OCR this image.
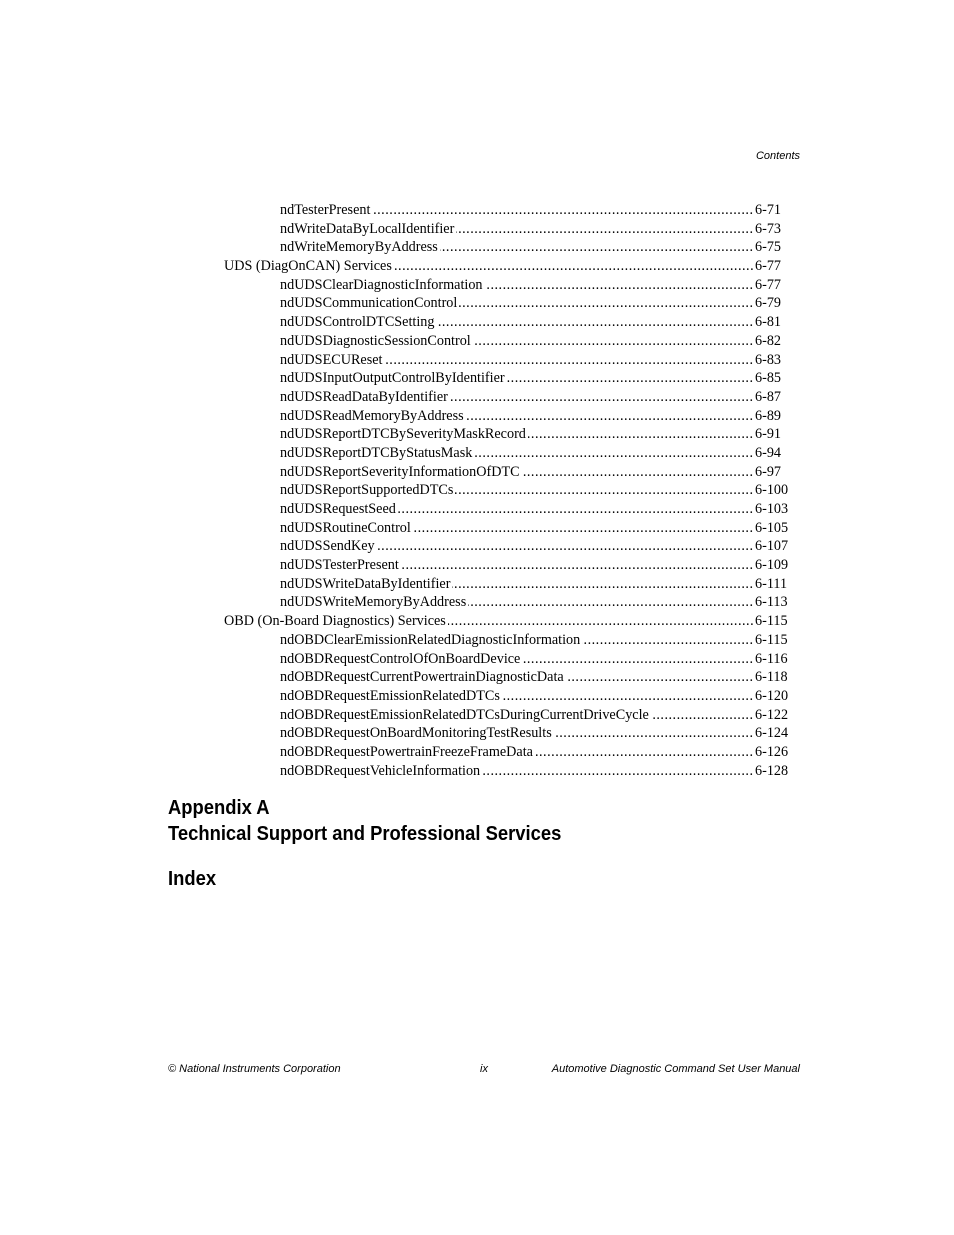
Contents
.....
ndTesterPresent	6-71
.....
ndWriteDataByLocalIdentifier	6-73
.....
ndWriteMemoryByAddress	6-75
.....
UDS (DiagOnCAN) Services	6-77
.....
ndUDSClearDiagnosticInformation	6-77
.....
ndUDSCommunicationControl	6-79
.....
ndUDSControlDTCSetting	6-81
.....
ndUDSDiagnosticSessionControl	6-82
.....
ndUDSECUReset	6-83
.....
ndUDSInputOutputControlByIdentifier	6-85
.....
ndUDSReadDataByIdentifier	6-87
.....
ndUDSReadMemoryByAddress	6-89
.....
ndUDSReportDTCBySeverityMaskRecord	6-91
.....
ndUDSReportDTCByStatusMask	6-94
.....
ndUDSReportSeverityInformationOfDTC	6-97
.....
ndUDSReportSupportedDTCs	6-100
.....
ndUDSRequestSeed	6-103
.....
ndUDSRoutineControl	6-105
.....
ndUDSSendKey	6-107
.....
ndUDSTesterPresent	6-109
.....
ndUDSWriteDataByIdentifier	6-111
.....
ndUDSWriteMemoryByAddress	6-113
.....
OBD (On-Board Diagnostics) Services	6-115
.....
ndOBDClearEmissionRelatedDiagnosticInformation	6-115
.....
ndOBDRequestControlOfOnBoardDevice	6-116
.....
ndOBDRequestCurrentPowertrainDiagnosticData	6-118
.....
ndOBDRequestEmissionRelatedDTCs	6-120
.....
ndOBDRequestEmissionRelatedDTCsDuringCurrentDriveCycle	6-122
.....
ndOBDRequestOnBoardMonitoringTestResults	6-124
.....
ndOBDRequestPowertrainFreezeFrameData	6-126
.....
ndOBDRequestVehicleInformation	6-128
Appendix A
Technical Support and Professional Services
Index
© National Instruments Corporation	ix	Automotive Diagnostic Command Set User Manual
